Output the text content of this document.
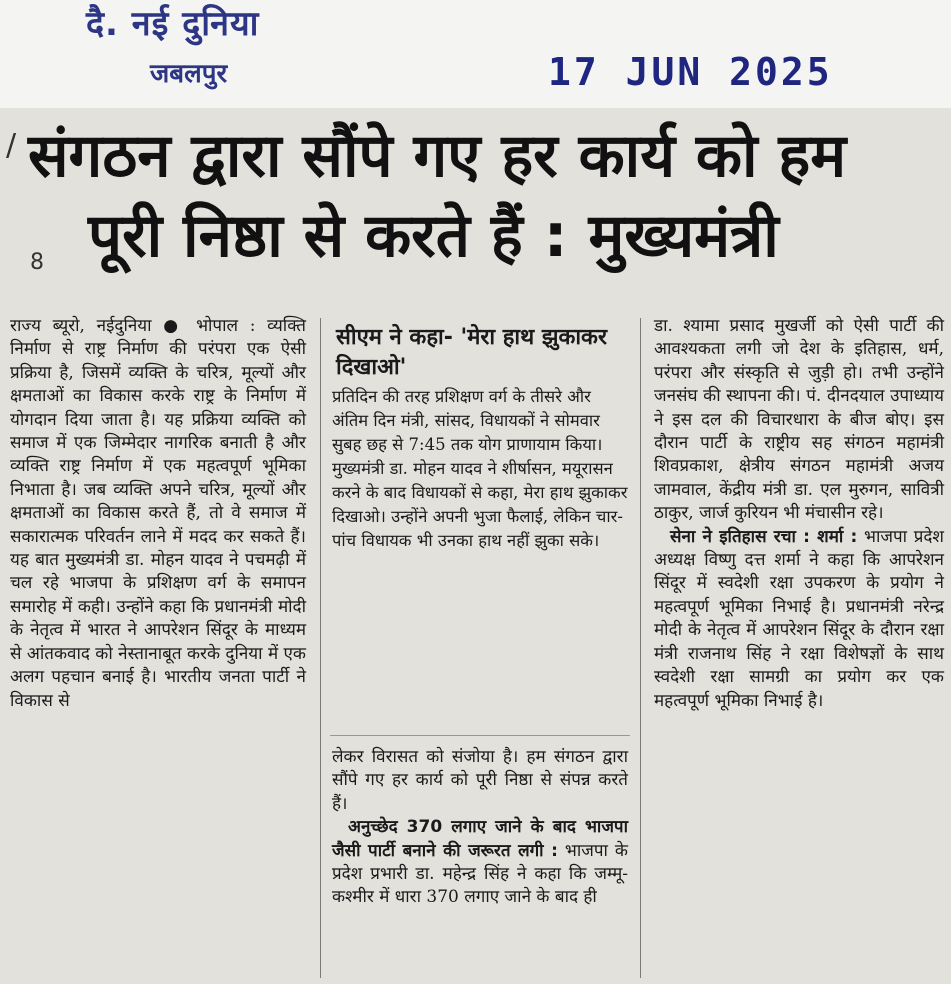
दै. नई दुनिया
जबलपुर	17 JUN 2025
/
8
संगठन द्वारा सौंपे गए हर कार्य को हम
पूरी निष्ठा से करते हैं : मुख्यमंत्री

राज्य ब्यूरो, नईदुनिया ● भोपाल : व्यक्ति निर्माण से राष्ट्र निर्माण की परंपरा एक ऐसी प्रक्रिया है, जिसमें व्यक्ति के चरित्र, मूल्यों और क्षमताओं का विकास करके राष्ट्र के निर्माण में योगदान दिया जाता है। यह प्रक्रिया व्यक्ति को समाज में एक जिम्मेदार नागरिक बनाती है और व्यक्ति राष्ट्र निर्माण में एक महत्वपूर्ण भूमिका निभाता है। जब व्यक्ति अपने चरित्र, मूल्यों और क्षमताओं का विकास करते हैं, तो वे समाज में सकारात्मक परिवर्तन लाने में मदद कर सकते हैं। यह बात मुख्यमंत्री डा. मोहन यादव ने पचमढ़ी में चल रहे भाजपा के प्रशिक्षण वर्ग के समापन समारोह में कही। उन्होंने कहा कि प्रधानमंत्री मोदी के नेतृत्व में भारत ने आपरेशन सिंदूर के माध्यम से आंतकवाद को नेस्तानाबूत करके दुनिया में एक अलग पहचान बनाई है। भारतीय जनता पार्टी ने विकास से

सीएम ने कहा- 'मेरा हाथ झुकाकर दिखाओ'

प्रतिदिन की तरह प्रशिक्षण वर्ग के तीसरे और अंतिम दिन मंत्री, सांसद, विधायकों ने सोमवार सुबह छह से 7:45 तक योग प्राणायाम किया। मुख्यमंत्री डा. मोहन यादव ने शीर्षासन, मयूरासन करने के बाद विधायकों से कहा, मेरा हाथ झुकाकर दिखाओ। उन्होंने अपनी भुजा फैलाई, लेकिन चार-पांच विधायक भी उनका हाथ नहीं झुका सके।

लेकर विरासत को संजोया है। हम संगठन द्वारा सौंपे गए हर कार्य को पूरी निष्ठा से संपन्न करते हैं।

अनुच्छेद 370 लगाए जाने के बाद भाजपा जैसी पार्टी बनाने की जरूरत लगी : भाजपा के प्रदेश प्रभारी डा. महेन्द्र सिंह ने कहा कि जम्मू-कश्मीर में धारा 370 लगाए जाने के बाद ही

डा. श्यामा प्रसाद मुखर्जी को ऐसी पार्टी की आवश्यकता लगी जो देश के इतिहास, धर्म, परंपरा और संस्कृति से जुड़ी हो। तभी उन्होंने जनसंघ की स्थापना की। पं. दीनदयाल उपाध्याय ने इस दल की विचारधारा के बीज बोए। इस दौरान पार्टी के राष्ट्रीय सह संगठन महामंत्री शिवप्रकाश, क्षेत्रीय संगठन महामंत्री अजय जामवाल, केंद्रीय मंत्री डा. एल मुरुगन, सावित्री ठाकुर, जार्ज कुरियन भी मंचासीन रहे।

सेना ने इतिहास रचा : शर्मा : भाजपा प्रदेश अध्यक्ष विष्णु दत्त शर्मा ने कहा कि आपरेशन सिंदूर में स्वदेशी रक्षा उपकरण के प्रयोग ने महत्वपूर्ण भूमिका निभाई है। प्रधानमंत्री नरेन्द्र मोदी के नेतृत्व में आपरेशन सिंदूर के दौरान रक्षा मंत्री राजनाथ सिंह ने रक्षा विशेषज्ञों के साथ स्वदेशी रक्षा सामग्री का प्रयोग कर एक महत्वपूर्ण भूमिका निभाई है।
